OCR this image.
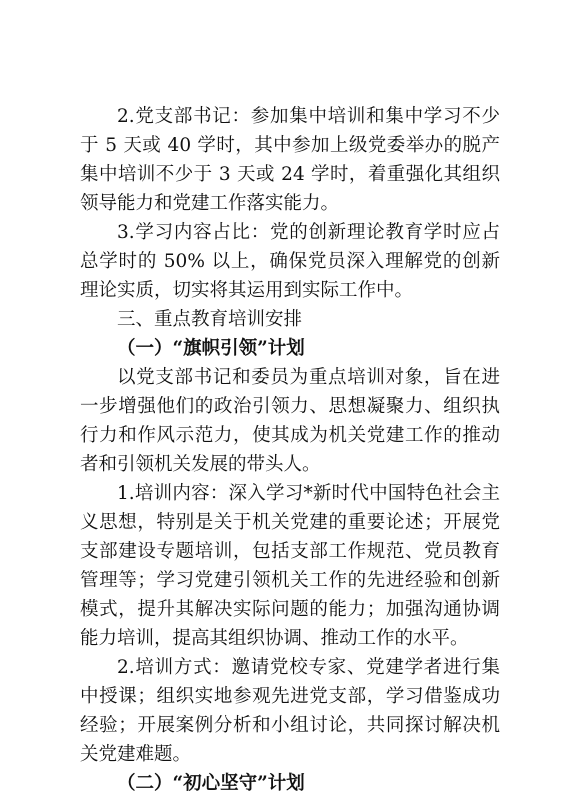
2.党支部书记：参加集中培训和集中学习不少于 5 天或 40 学时，其中参加上级党委举办的脱产集中培训不少于 3 天或 24 学时，着重强化其组织领导能力和党建工作落实能力。

3.学习内容占比：党的创新理论教育学时应占总学时的 50% 以上，确保党员深入理解党的创新理论实质，切实将其运用到实际工作中。

三、重点教育培训安排

（一）“旗帜引领”计划

以党支部书记和委员为重点培训对象，旨在进一步增强他们的政治引领力、思想凝聚力、组织执行力和作风示范力，使其成为机关党建工作的推动者和引领机关发展的带头人。

1.培训内容：深入学习*新时代中国特色社会主义思想，特别是关于机关党建的重要论述；开展党支部建设专题培训，包括支部工作规范、党员教育管理等；学习党建引领机关工作的先进经验和创新模式，提升其解决实际问题的能力；加强沟通协调能力培训，提高其组织协调、推动工作的水平。

2.培训方式：邀请党校专家、党建学者进行集中授课；组织实地参观先进党支部，学习借鉴成功经验；开展案例分析和小组讨论，共同探讨解决机关党建难题。

（二）“初心坚守”计划
